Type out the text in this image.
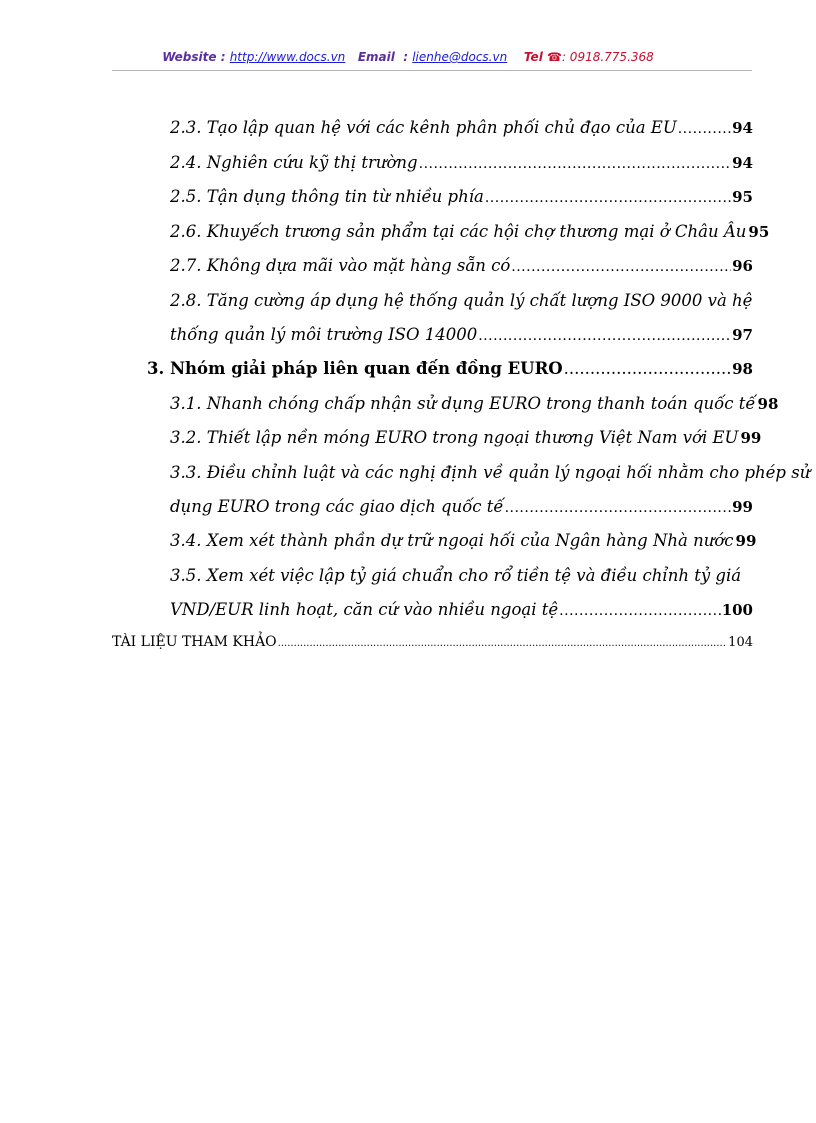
Website : http://www.docs.vn Email : lienhe@docs.vn Tel ☎: 0918.775.368
2.3. Tạo lập quan hệ với các kênh phân phối chủ đạo của EU .....	94
2.4. Nghiên cứu kỹ thị trường .....	94
2.5. Tận dụng thông tin từ nhiều phía .....	95
2.6. Khuyếch trương sản phẩm tại các hội chợ thương mại ở Châu Âu 95
2.7. Không dựa mãi vào mặt hàng sẵn có .....	96
2.8. Tăng cường áp dụng hệ thống quản lý chất lượng ISO 9000 và hệ
thống quản lý môi trường ISO 14000 .....	97
3. Nhóm giải pháp liên quan đến đồng EURO .....	98
3.1. Nhanh chóng chấp nhận sử dụng EURO trong thanh toán quốc tế 98
3.2. Thiết lập nền móng EURO trong ngoại thương Việt Nam với EU 99
3.3. Điều chỉnh luật và các nghị định về quản lý ngoại hối nhằm cho phép sử
dụng EURO trong các giao dịch quốc tế .....	99
3.4. Xem xét thành phần dự trữ ngoại hối của Ngân hàng Nhà nước 99
3.5. Xem xét việc lập tỷ giá chuẩn cho rổ tiền tệ và điều chỉnh tỷ giá
VND/EUR linh hoạt, căn cứ vào nhiều ngoại tệ .....	100
TÀI LIỆU THAM KHẢO .....	104
